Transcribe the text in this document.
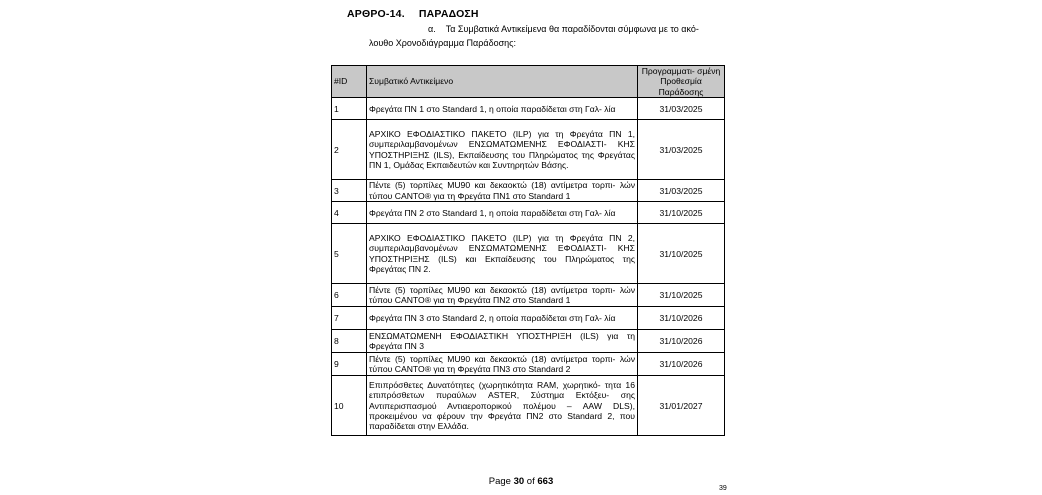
ΑΡΘΡΟ-14. ΠΑΡΑΔΟΣΗ
α. Τα Συμβατικά Αντικείμενα θα παραδίδονται σύμφωνα με το ακό-
λουθο Χρονοδιάγραμμα Παράδοσης:
#ID	Συμβατικό Αντικείμενο	Προγραμματι- σμένη Προθεσμία Παράδοσης
1	Φρεγάτα ΠΝ 1 στο Standard 1, η οποία παραδίδεται στη Γαλ- λία	31/03/2025
2	ΑΡΧΙΚΟ ΕΦΟΔΙΑΣΤΙΚΟ ΠΑΚΕΤΟ (ILP) για τη Φρεγάτα ΠΝ 1, συμπεριλαμβανομένων ΕΝΣΩΜΑΤΩΜΕΝΗΣ ΕΦΟΔΙΑΣΤΙ- ΚΗΣ ΥΠΟΣΤΗΡΙΞΗΣ (ILS), Εκπαίδευσης του Πληρώματος της Φρεγάτας ΠΝ 1, Ομάδας Εκπαιδευτών και Συντηρητών Βάσης.	31/03/2025
3	Πέντε (5) τορπίλες MU90 και δεκαοκτώ (18) αντίμετρα τορπι- λών τύπου CANTO® για τη Φρεγάτα ΠΝ1 στο Standard 1	31/03/2025
4	Φρεγάτα ΠΝ 2 στο Standard 1, η οποία παραδίδεται στη Γαλ- λία	31/10/2025
5	ΑΡΧΙΚΟ ΕΦΟΔΙΑΣΤΙΚΟ ΠΑΚΕΤΟ (ILP) για τη Φρεγάτα ΠΝ 2, συμπεριλαμβανομένων ΕΝΣΩΜΑΤΩΜΕΝΗΣ ΕΦΟΔΙΑΣΤΙ- ΚΗΣ ΥΠΟΣΤΗΡΙΞΗΣ (ILS) και Εκπαίδευσης του Πληρώματος της Φρεγάτας ΠΝ 2.	31/10/2025
6	Πέντε (5) τορπίλες MU90 και δεκαοκτώ (18) αντίμετρα τορπι- λών τύπου CANTO® για τη Φρεγάτα ΠΝ2 στο Standard 1	31/10/2025
7	Φρεγάτα ΠΝ 3 στο Standard 2, η οποία παραδίδεται στη Γαλ- λία	31/10/2026
8	ΕΝΣΩΜΑΤΩΜΕΝΗ ΕΦΟΔΙΑΣΤΙΚΗ ΥΠΟΣΤΗΡΙΞΗ (ILS) για τη Φρεγάτα ΠΝ 3	31/10/2026
9	Πέντε (5) τορπίλες MU90 και δεκαοκτώ (18) αντίμετρα τορπι- λών τύπου CANTO® για τη Φρεγάτα ΠΝ3 στο Standard 2	31/10/2026
10	Επιπρόσθετες Δυνατότητες (χωρητικότητα RAM, χωρητικό- τητα 16 επιπρόσθετων πυραύλων ASTER, Σύστημα Εκτόξευ- σης Αντιπερισπασμού Αντιαεροπορικού πολέμου – AAW DLS), προκειμένου να φέρουν την Φρεγάτα ΠΝ2 στο Standard 2, που παραδίδεται στην Ελλάδα.	31/01/2027
Page 30 of 663
39
